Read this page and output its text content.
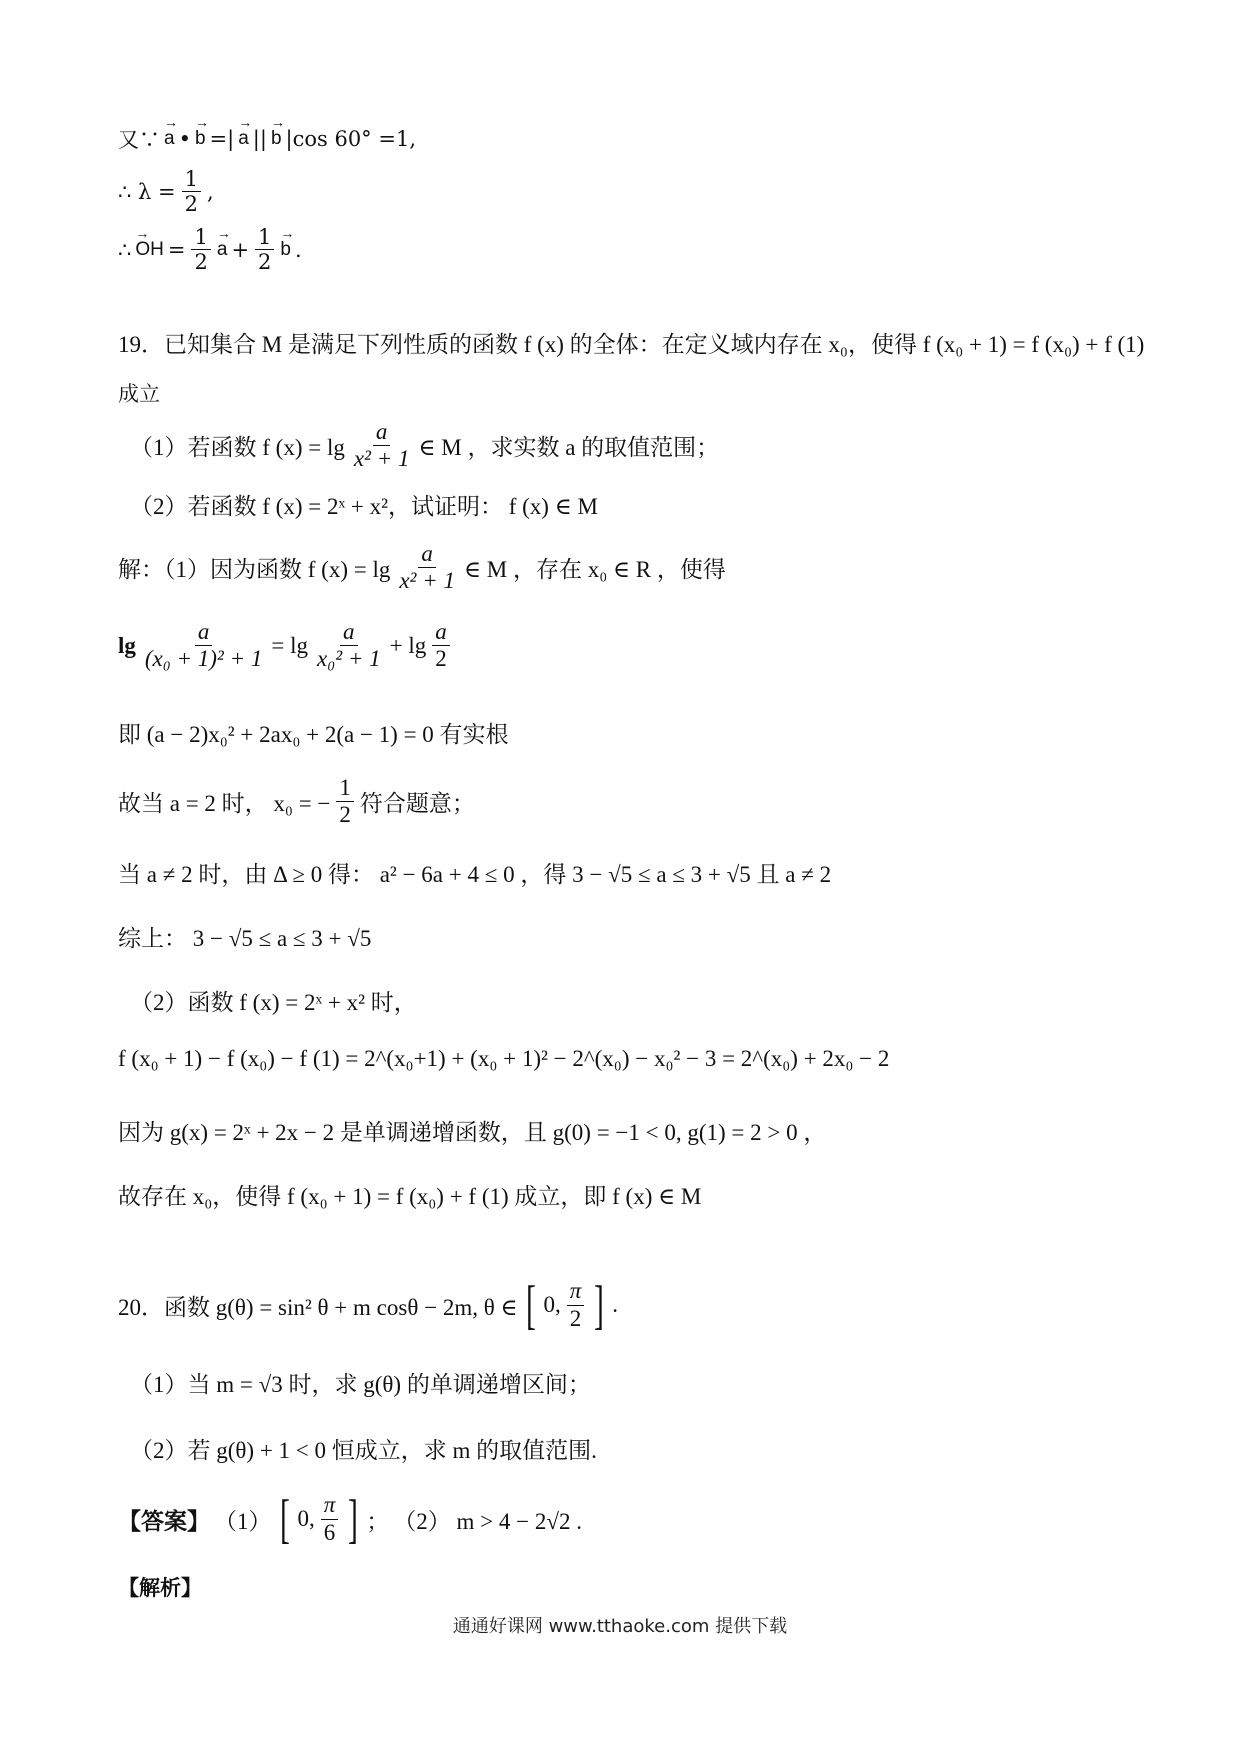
又∵
→ a •
→ b =|
→ a ||
→ b |cos 60° =1,
∴ $\lambda = \frac{1}{2}$ ,
∴
→ OH = $\frac{1}{2}$
→ $a + \frac{1}{2}$
→ b .
19．已知集合 M 是满足下列性质的函数 f (x) 的全体：在定义域内存在 x₀，使得 f (x₀ + 1) = f (x₀) + f (1)
成立
（1）若函数 f $(x) = \lg \frac{a}{\text{x² + 1}}$ ∈ M ，求实数 a 的取值范围；
（2）若函数 f (x) = 2ˣ + x²，试证明： f (x) ∈ M
解：（1）因为函数 f $(x) = \lg \frac{a}{\text{x² + 1}}$ ∈ M ，存在 x₀ ∈ R ，使得
$\lg \frac{a}{\text{(x₀ + 1)² + 1}} = \lg \frac{a}{\text{x₀² + 1}} + \lg \frac{a}{2}$
即 (a − 2)x₀² + 2ax₀ + 2(a − 1) = 0 有实根
故当 a = 2 时， x₀ = − $\frac{1}{2}$ 符合题意；
当 a ≠ 2 时，由 Δ ≥ 0 得： a² − 6a + 4 ≤ 0 ，得 3 − √5 ≤ a ≤ 3 + √5 且 a ≠ 2
综上： 3 − √5 ≤ a ≤ 3 + √5
（2）函数 f (x) = 2ˣ + x² 时，
f (x₀ + 1) − f (x₀) − f (1) = 2^(x₀+1) + (x₀ + 1)² − 2^(x₀) − x₀² − 3 = 2^(x₀) + 2x₀ − 2
因为 g(x) = 2ˣ + 2x − 2 是单调递增函数，且 g(0) = −1 < 0, g(1) = 2 > 0 ，
故存在 x₀，使得 f (x₀ + 1) = f (x₀) + f (1) 成立，即 f (x) ∈ M
20．函数 g(θ) = sin² θ + m cosθ − 2m, θ ∈ [ 0, $\frac{\pi}{2}$ ] .
（1）当 m = √3 时，求 g(θ) 的单调递增区间；
（2）若 g(θ) + 1 < 0 恒成立，求 m 的取值范围.
【答案】 （1） [ 0, $\frac{\pi}{6}$ ] ； （2） m > 4 − 2√2 .
【解析】
通通好课网 www.tthaoke.com 提供下载
